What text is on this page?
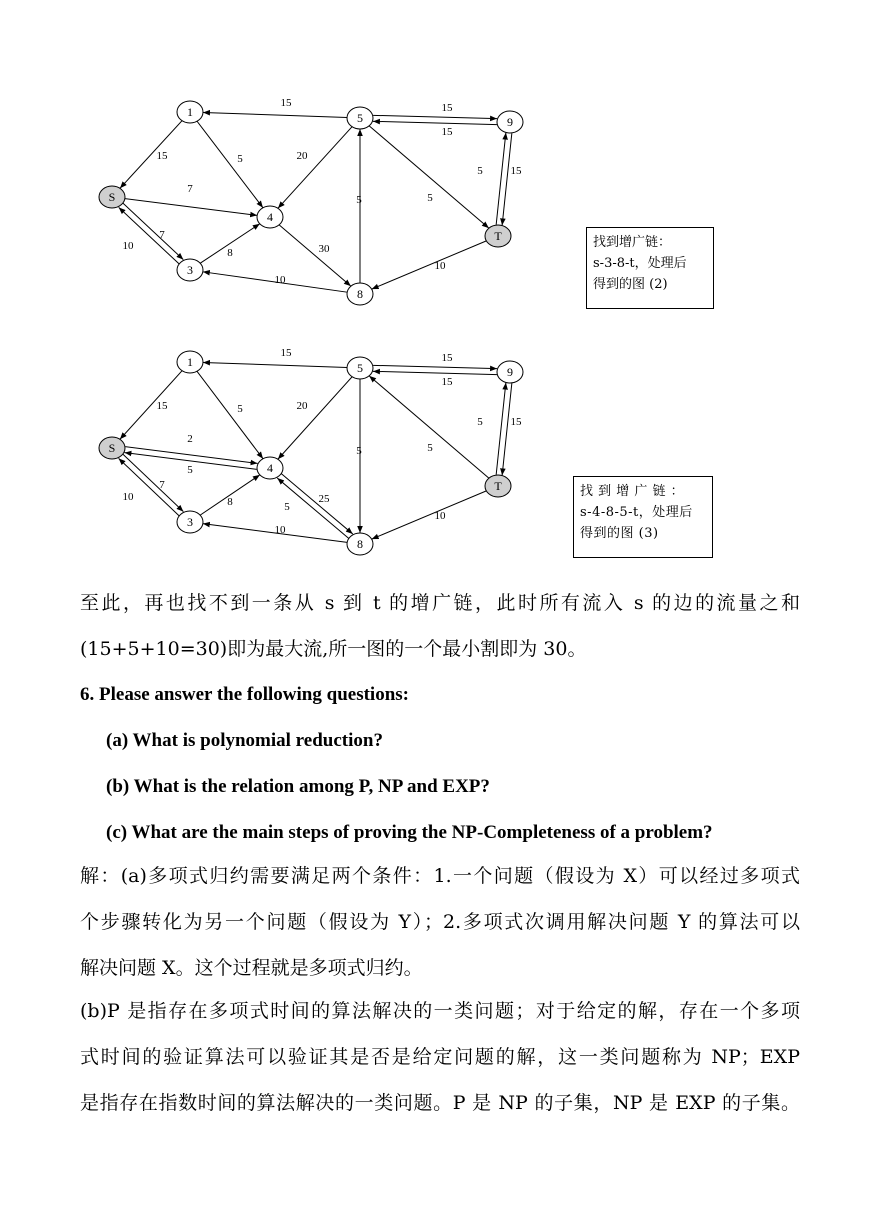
15	15
15
15	5	20
5
15
5
7
5
10
7
8	30
10
10
1	5	9
S
4
T
3
8
找到增广链：
s-3-8-t，处理后
得到的图 (2)
15	15
15
15	5	20
5
15
5
2
5
5
10
7
8	25
5
10
10
1	5	9
S
4
T
3
8
找 到 增 广 链 ：
s-4-8-5-t，处理后
得到的图 (3)
至此，再也找不到一条从 s 到 t 的增广链，此时所有流入 s 的边的流量之和
(15+5+10=30)即为最大流,所一图的一个最小割即为 30。
6. Please answer the following questions:
(a) What is polynomial reduction?
(b) What is the relation among P, NP and EXP?
(c) What are the main steps of proving the NP-Completeness of a problem?
解：(a)多项式归约需要满足两个条件：1.一个问题（假设为 X）可以经过多项式
个步骤转化为另一个问题（假设为 Y）；2.多项式次调用解决问题 Y 的算法可以
解决问题 X。这个过程就是多项式归约。
(b)P 是指存在多项式时间的算法解决的一类问题；对于给定的解，存在一个多项
式时间的验证算法可以验证其是否是给定问题的解，这一类问题称为 NP；EXP
是指存在指数时间的算法解决的一类问题。P 是 NP 的子集，NP 是 EXP 的子集。
